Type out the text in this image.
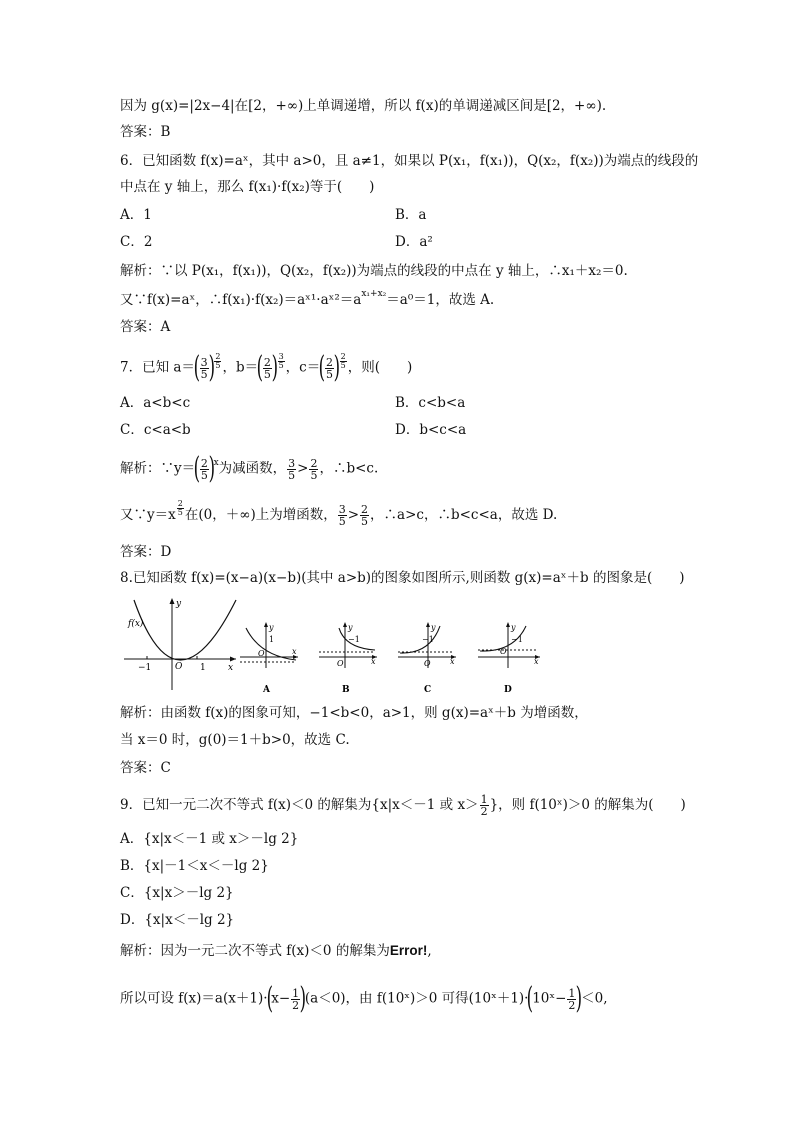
因为 g(x)=|2x−4|在[2，+∞)上单调递增，所以 f(x)的单调递减区间是[2，+∞).
答案：B
6．已知函数 f(x)=aˣ，其中 a>0，且 a≠1，如果以 P(x₁，f(x₁))，Q(x₂，f(x₂))为端点的线段的
中点在 y 轴上，那么 f(x₁)·f(x₂)等于(　　)
A．1	B．a
C．2	D．a²
解析：∵以 P(x₁，f(x₁))，Q(x₂，f(x₂))为端点的线段的中点在 y 轴上，∴x₁＋x₂＝0.
又∵f(x)=aˣ，$\therefore f(x_1)\cdot f(x_2)=aˣ^1\cdot aˣ^2=a^{x_1+x_2}=a^0=1$，故选 A.
答案：A
7．已知 $a=( \frac{3}{5}$ ) $^{\frac{2}{5}}$ ，$b=( \frac{2}{5}$ ) $^{\frac{3}{5}}$ ，$c=( \frac{2}{5}$ ) $^{\frac{2}{5}}$ ，则(　　)
A．a<b<c	B．c<b<a
C．c<a<b	D．b<c<a
解析：∵y＝( $\frac{2}{5} )^x$为减函数， $\frac{3}{5} > \frac{2}{5}$ ，∴b<c.
又∵y＝x $^{\frac{2}{5}}$ 在(0，＋∞)上为增函数， $\frac{3}{5} > \frac{2}{5}$ ，∴a>c，∴b<c<a，故选 D.
答案：D
8.已知函数 f(x)=(x−a)(x−b)(其中 a>b)的图象如图所示,则函数 g(x)=aˣ＋b 的图象是(　　)
f(x)
y
x
O
−1	1
y
1
O	x
A
y
−1
O	x
B
y
−1
O x
C
y
−1
O
x
D
解析：由函数 f(x)的图象可知，−1<b<0，a>1，则 g(x)=aˣ＋b 为增函数，
当 x＝0 时，g(0)＝1＋b>0，故选 C.
答案：C
9．已知一元二次不等式 f(x)＜0 的解集为{x|x＜－1 或 $x> \frac{1}{2}$ }，则 f(10ˣ)＞0 的解集为(　　)
A．{x|x＜－1 或 x＞－lg 2}
B．{x|－1＜x＜－lg 2}
C．{x|x＞－lg 2}
D．{x|x＜－lg 2}
解析：因为一元二次不等式 f(x)＜0 的解集为Error!,
所以可设 $f(x)=a(x+1)\cdot(x- \frac{1}{2} )(a<0)$，由 f(10ˣ)＞0 可得(10ˣ＋1)·(10ˣ− $\frac{1}{2} )<0$,
